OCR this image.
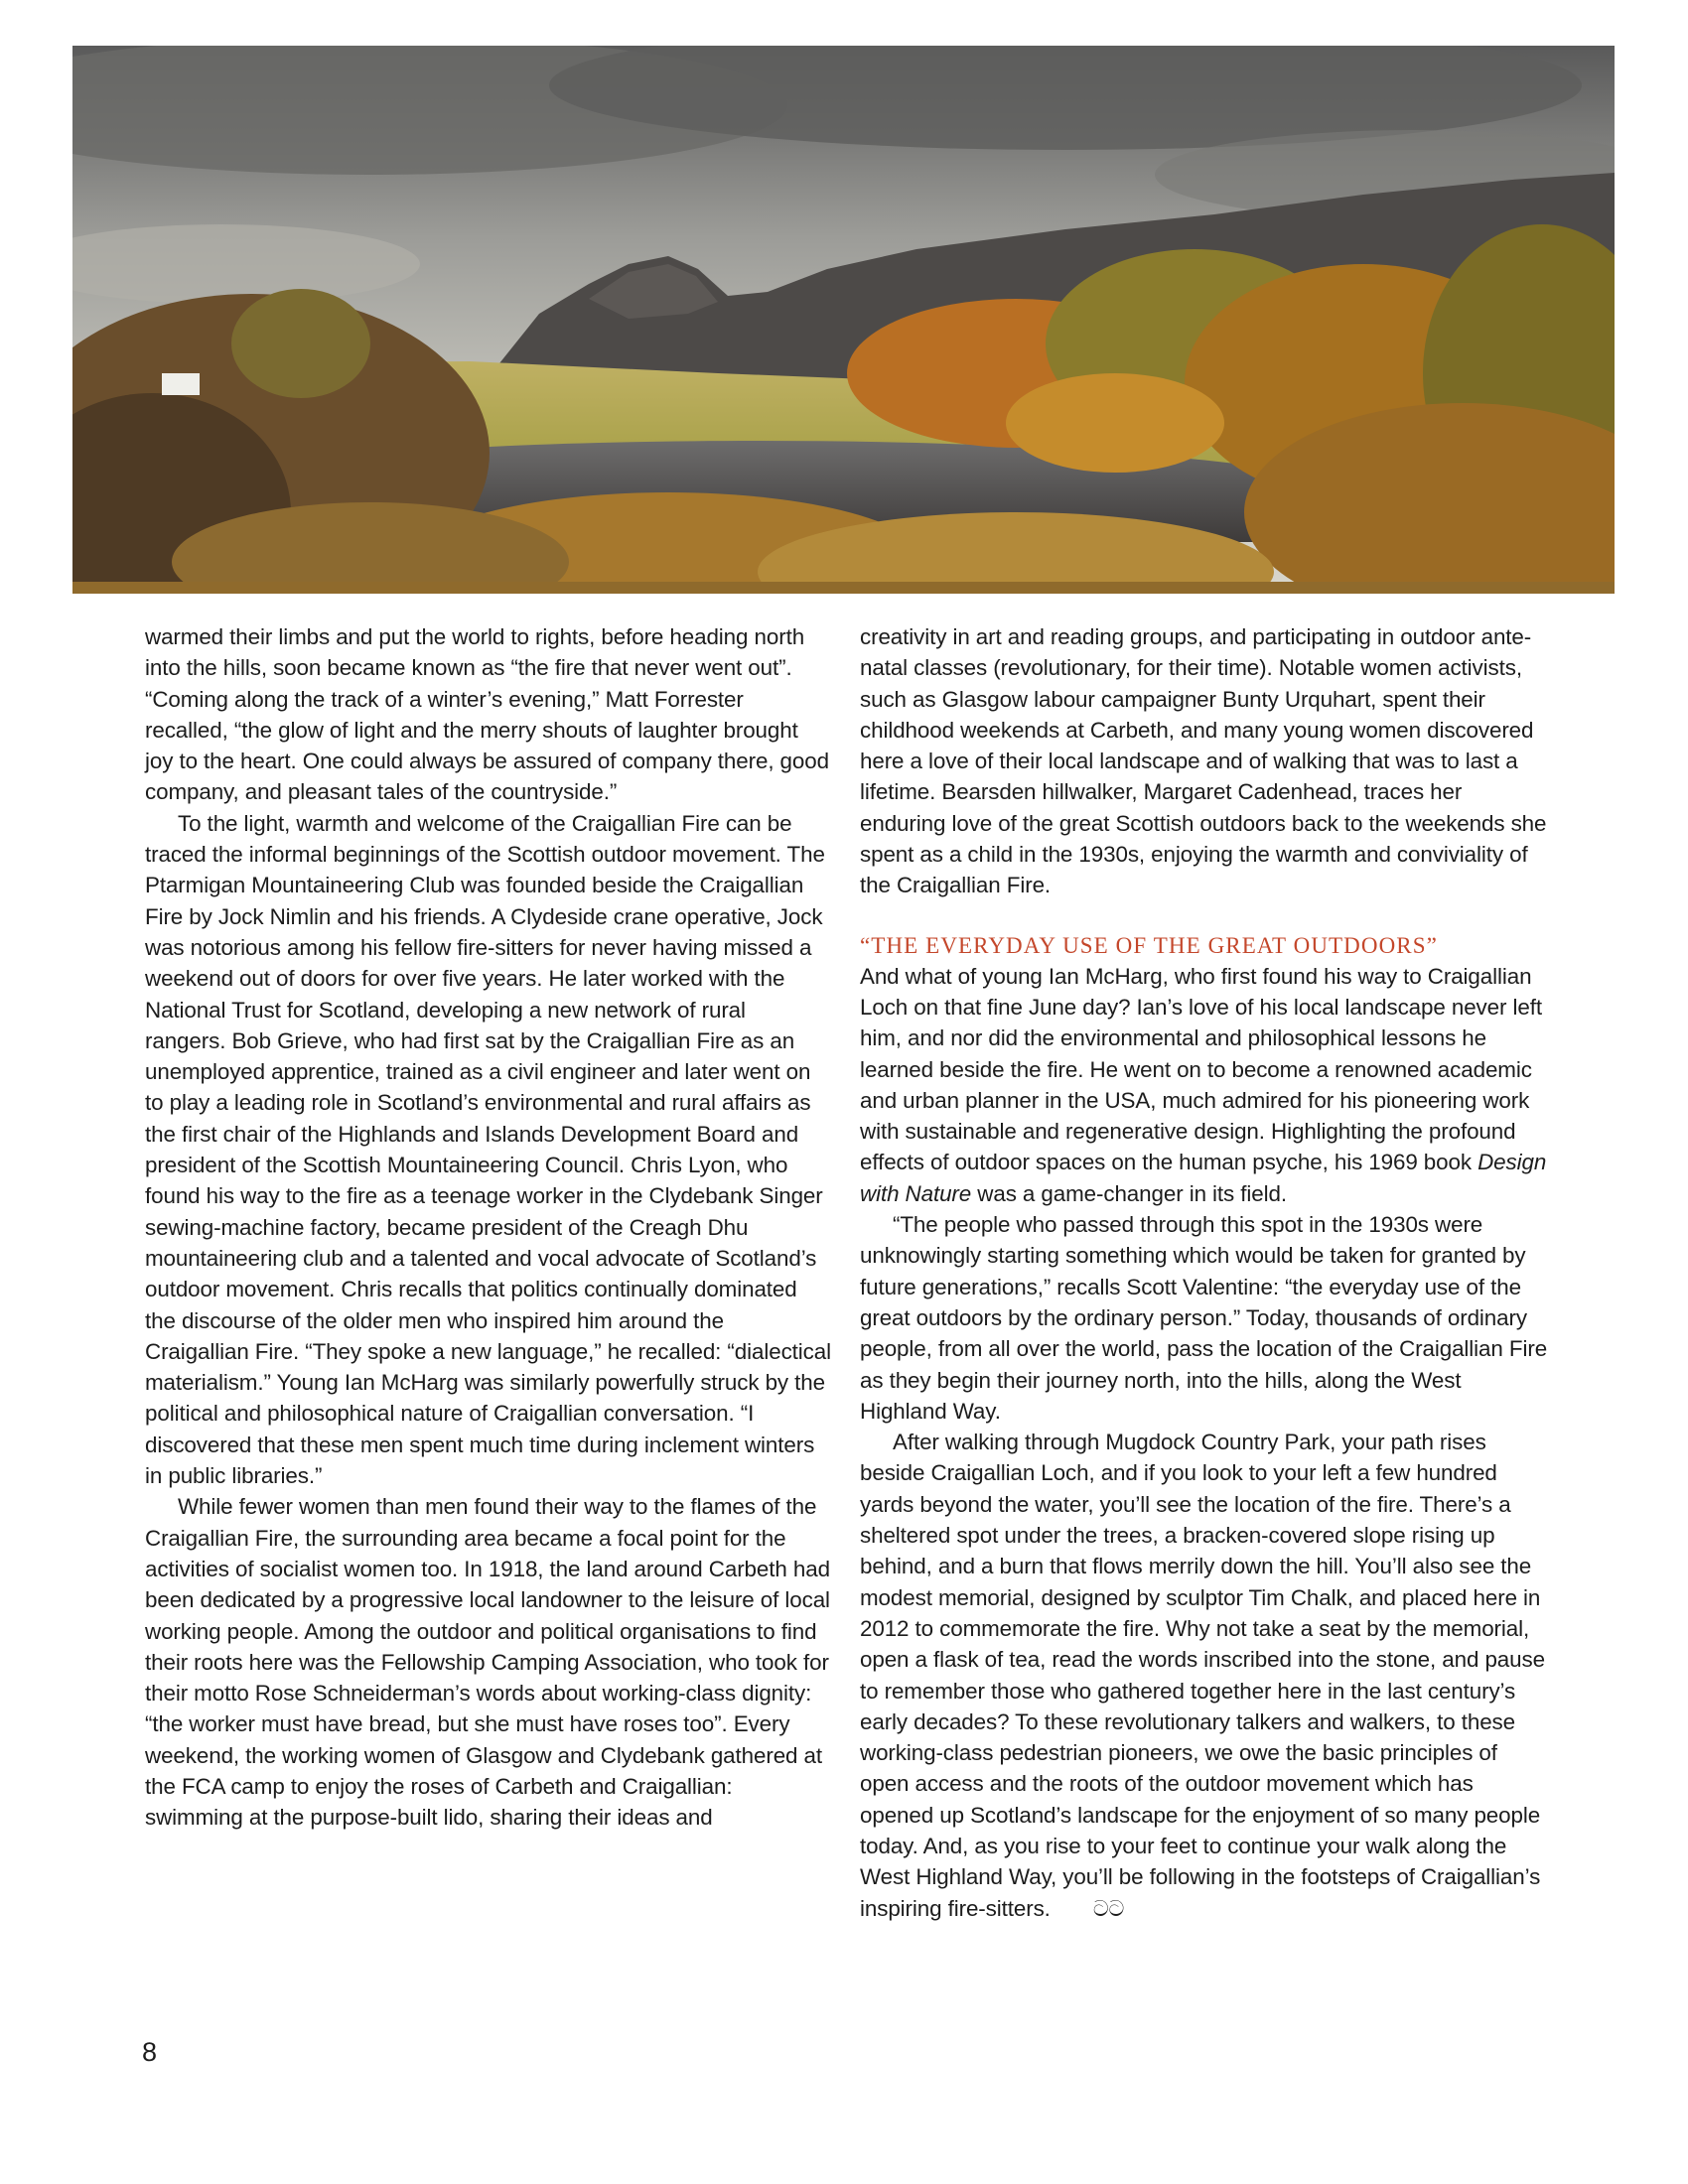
warmed their limbs and put the world to rights, before heading north into the hills, soon became known as “the fire that never went out”. “Coming along the track of a winter’s evening,” Matt Forrester recalled, “the glow of light and the merry shouts of laughter brought joy to the heart. One could always be assured of company there, good company, and pleasant tales of the countryside.”

To the light, warmth and welcome of the Craigallian Fire can be traced the informal beginnings of the Scottish outdoor movement. The Ptarmigan Mountaineering Club was founded beside the Craigallian Fire by Jock Nimlin and his friends. A Clydeside crane operative, Jock was notorious among his fellow fire-sitters for never having missed a weekend out of doors for over five years. He later worked with the National Trust for Scotland, developing a new network of rural rangers. Bob Grieve, who had first sat by the Craigallian Fire as an unemployed apprentice, trained as a civil engineer and later went on to play a leading role in Scotland’s environmental and rural affairs as the first chair of the Highlands and Islands Development Board and president of the Scottish Mountaineering Council. Chris Lyon, who found his way to the fire as a teenage worker in the Clydebank Singer sewing-machine factory, became president of the Creagh Dhu mountaineering club and a talented and vocal advocate of Scotland’s outdoor movement. Chris recalls that politics continually dominated the discourse of the older men who inspired him around the Craigallian Fire. “They spoke a new language,” he recalled: “dialectical materialism.” Young Ian McHarg was similarly powerfully struck by the political and philosophical nature of Craigallian conversation. “I discovered that these men spent much time during inclement winters in public libraries.”

While fewer women than men found their way to the flames of the Craigallian Fire, the surrounding area became a focal point for the activities of socialist women too. In 1918, the land around Carbeth had been dedicated by a progressive local landowner to the leisure of local working people. Among the outdoor and political organisations to find their roots here was the Fellowship Camping Association, who took for their motto Rose Schneiderman’s words about working-class dignity: “the worker must have bread, but she must have roses too”. Every weekend, the working women of Glasgow and Clydebank gathered at the FCA camp to enjoy the roses of Carbeth and Craigallian: swimming at the purpose-built lido, sharing their ideas and

creativity in art and reading groups, and participating in outdoor ante-natal classes (revolutionary, for their time). Notable women activists, such as Glasgow labour campaigner Bunty Urquhart, spent their childhood weekends at Carbeth, and many young women discovered here a love of their local landscape and of walking that was to last a lifetime. Bearsden hillwalker, Margaret Cadenhead, traces her enduring love of the great Scottish outdoors back to the weekends she spent as a child in the 1930s, enjoying the warmth and conviviality of the Craigallian Fire.

“THE EVERYDAY USE OF THE GREAT OUTDOORS”

And what of young Ian McHarg, who first found his way to Craigallian Loch on that fine June day? Ian’s love of his local landscape never left him, and nor did the environmental and philosophical lessons he learned beside the fire. He went on to become a renowned academic and urban planner in the USA, much admired for his pioneering work with sustainable and regenerative design. Highlighting the profound effects of outdoor spaces on the human psyche, his 1969 book Design with Nature was a game-changer in its field.

“The people who passed through this spot in the 1930s were unknowingly starting something which would be taken for granted by future generations,” recalls Scott Valentine: “the everyday use of the great outdoors by the ordinary person.” Today, thousands of ordinary people, from all over the world, pass the location of the Craigallian Fire as they begin their journey north, into the hills, along the West Highland Way.

After walking through Mugdock Country Park, your path rises beside Craigallian Loch, and if you look to your left a few hundred yards beyond the water, you’ll see the location of the fire. There’s a sheltered spot under the trees, a bracken-covered slope rising up behind, and a burn that flows merrily down the hill. You’ll also see the modest memorial, designed by sculptor Tim Chalk, and placed here in 2012 to commemorate the fire. Why not take a seat by the memorial, open a flask of tea, read the words inscribed into the stone, and pause to remember those who gathered together here in the last century’s early decades? To these revolutionary talkers and walkers, to these working-class pedestrian pioneers, we owe the basic principles of open access and the roots of the outdoor movement which has opened up Scotland’s landscape for the enjoyment of so many people today. And, as you rise to your feet to continue your walk along the West Highland Way, you’ll be following in the footsteps of Craigallian’s inspiring fire-sitters. ටට

8
